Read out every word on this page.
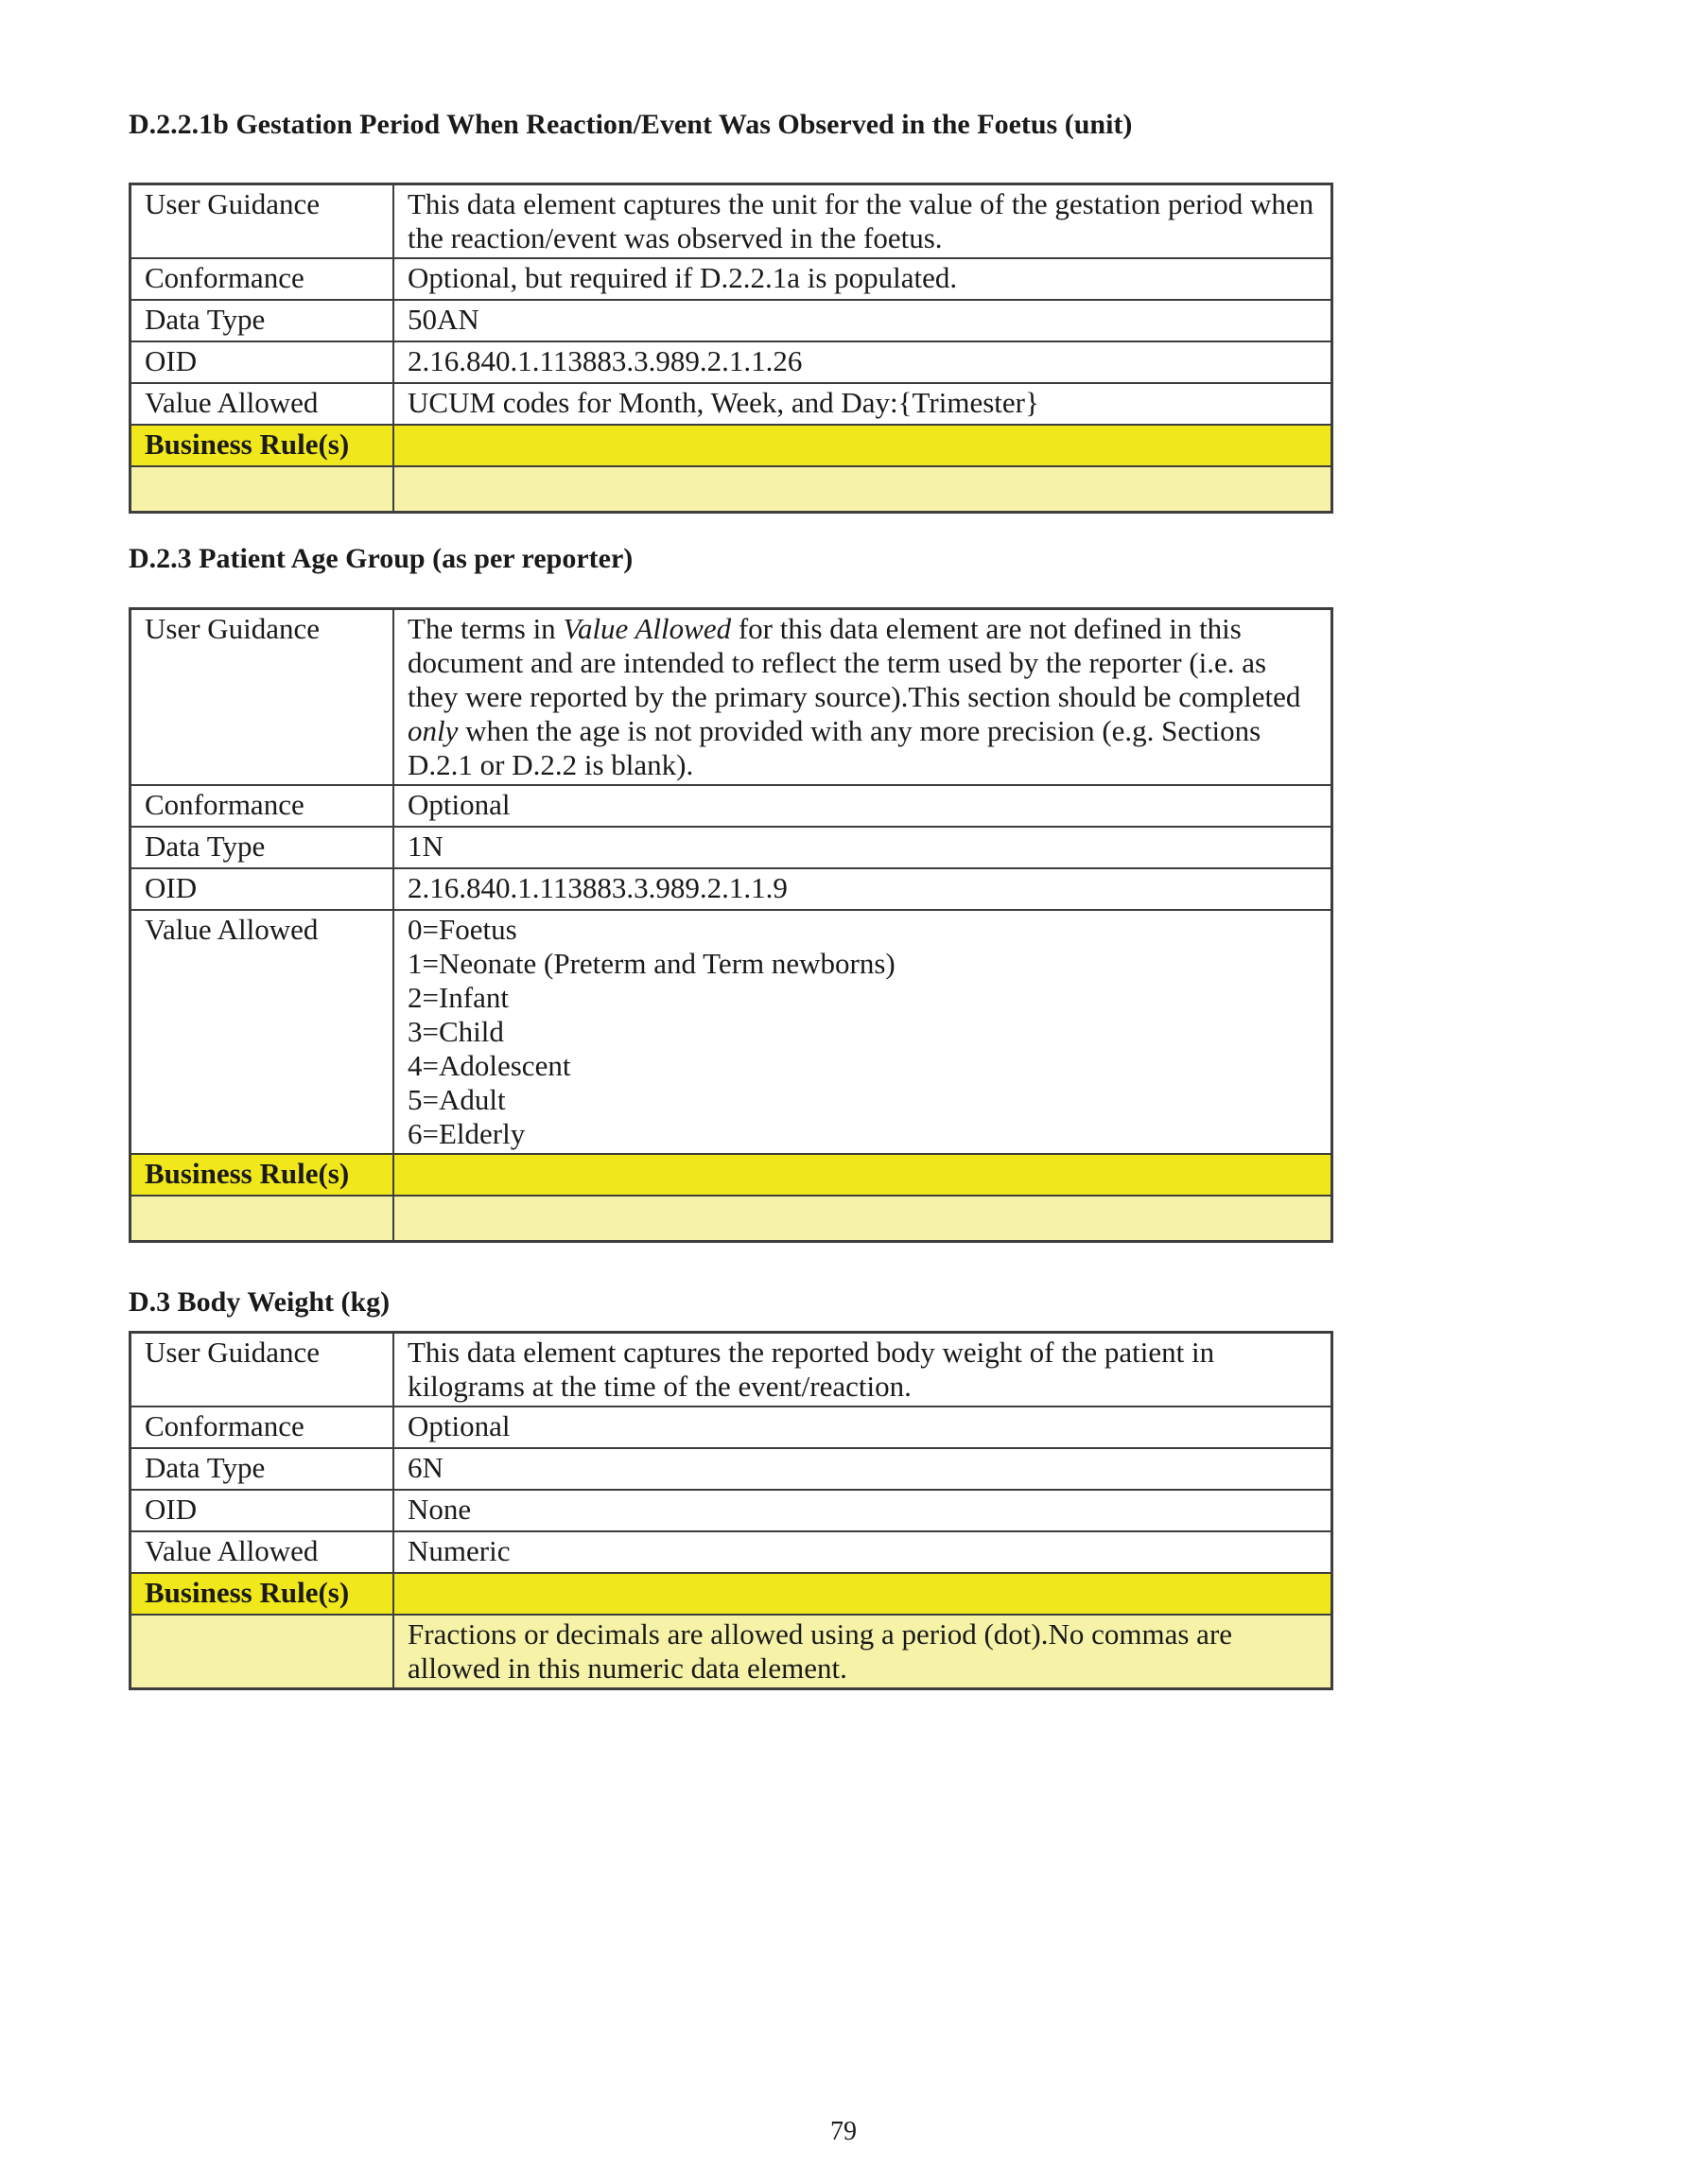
D.2.2.1b Gestation Period When Reaction/Event Was Observed in the Foetus (unit)
User Guidance	This data element captures the unit for the value of the gestation period when the reaction/event was observed in the foetus.
Conformance	Optional, but required if D.2.2.1a is populated.
Data Type	50AN
OID	2.16.840.1.113883.3.989.2.1.1.26
Value Allowed	UCUM codes for Month, Week, and Day:{Trimester}
Business Rule(s)	

D.2.3 Patient Age Group (as per reporter)
User Guidance	The terms in Value Allowed for this data element are not defined in this document and are intended to reflect the term used by the reporter (i.e. as they were reported by the primary source).This section should be completed only when the age is not provided with any more precision (e.g. Sections D.2.1 or D.2.2 is blank).
Conformance	Optional
Data Type	1N
OID	2.16.840.1.113883.3.989.2.1.1.9
Value Allowed	0=Foetus
1=Neonate (Preterm and Term newborns)
2=Infant
3=Child
4=Adolescent
5=Adult
6=Elderly

Business Rule(s)	

D.3 Body Weight (kg)
User Guidance	This data element captures the reported body weight of the patient in kilograms at the time of the event/reaction.
Conformance	Optional
Data Type	6N
OID	None
Value Allowed	Numeric
Business Rule(s)	
	Fractions or decimals are allowed using a period (dot).No commas are allowed in this numeric data element.
79
